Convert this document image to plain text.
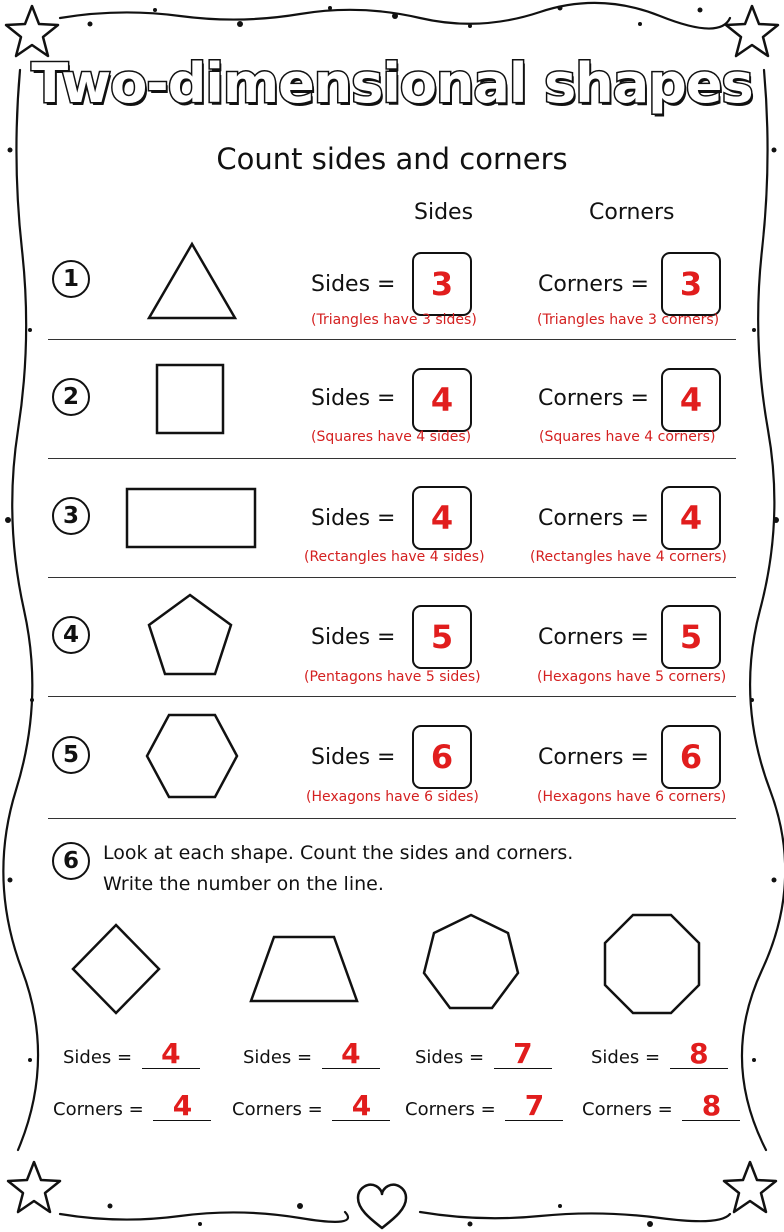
Two-dimensional shapes
Count sides and corners
Sides	Corners
1	Sides =	3
(Triangles have 3 sides)
Corners = 3
(Triangles have 3 corners)
2	Sides =	4
(Squares have 4 sides)
Corners = 4
(Squares have 4 corners)
3	Sides =	4
(Rectangles have 4 sides)
Corners = 4
(Rectangles have 4 corners)
4	Sides =	5
(Pentagons have 5 sides)
Corners = 5
(Hexagons have 5 corners)
5	Sides =	6
(Hexagons have 6 sides)
Corners = 6
(Hexagons have 6 corners)
6	Look at each shape. Count the sides and corners.
Write the number on the line.
Sides = 4
Corners = 4
Sides = 4
Corners = 4
Sides = 7
Corners = 7
Sides = 8
Corners = 8
